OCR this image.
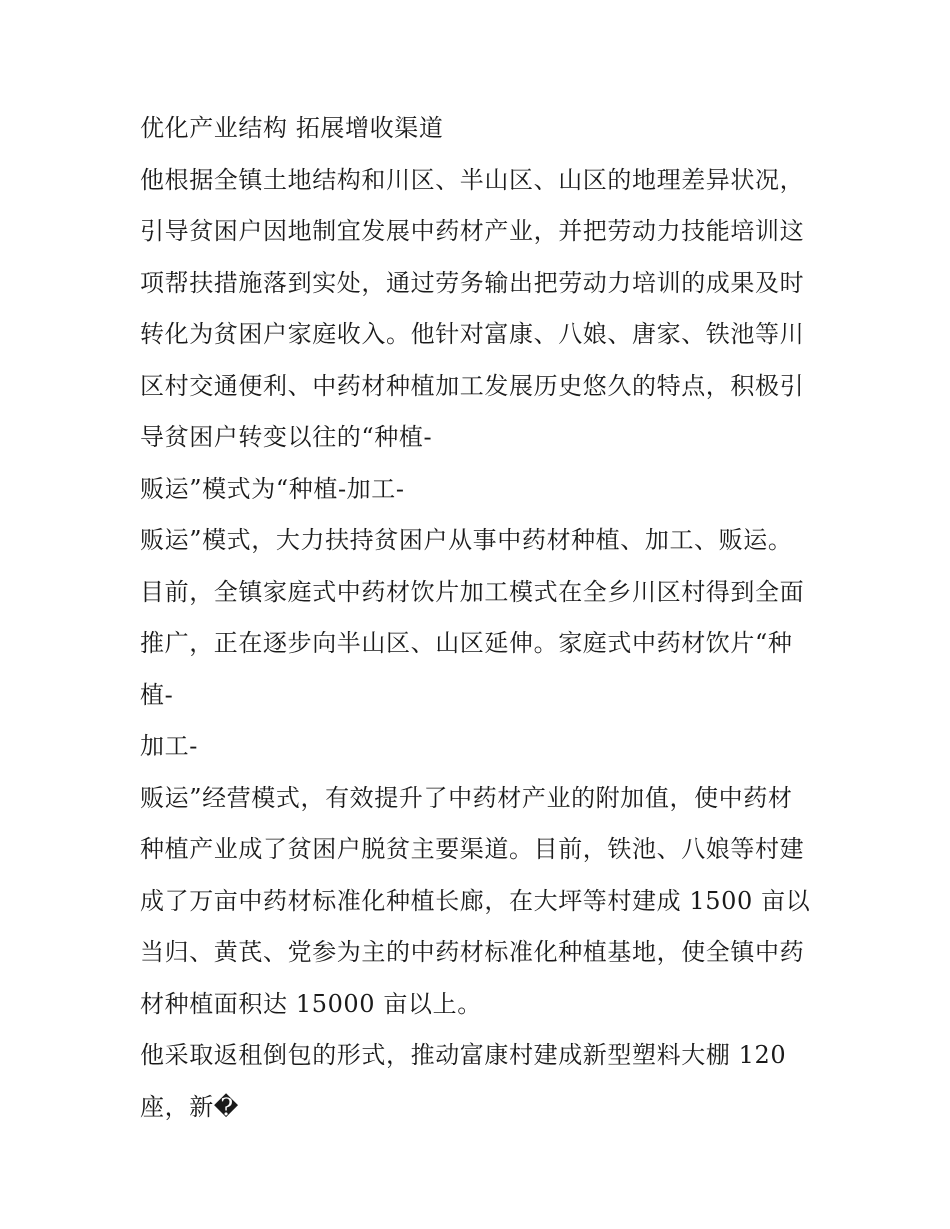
优化产业结构 拓展增收渠道
他根据全镇土地结构和川区、半山区、山区的地理差异状况，
引导贫困户因地制宜发展中药材产业，并把劳动力技能培训这
项帮扶措施落到实处，通过劳务输出把劳动力培训的成果及时
转化为贫困户家庭收入。他针对富康、八娘、唐家、铁池等川
区村交通便利、中药材种植加工发展历史悠久的特点，积极引
导贫困户转变以往的“种植-
贩运”模式为“种植-加工-
贩运”模式，大力扶持贫困户从事中药材种植、加工、贩运。
目前，全镇家庭式中药材饮片加工模式在全乡川区村得到全面
推广，正在逐步向半山区、山区延伸。家庭式中药材饮片“种
植-
加工-
贩运”经营模式，有效提升了中药材产业的附加值，使中药材
种植产业成了贫困户脱贫主要渠道。目前，铁池、八娘等村建
成了万亩中药材标准化种植长廊，在大坪等村建成 1500 亩以
当归、黄芪、党参为主的中药材标准化种植基地，使全镇中药
材种植面积达 15000 亩以上。
他采取返租倒包的形式，推动富康村建成新型塑料大棚 120
座，新�
